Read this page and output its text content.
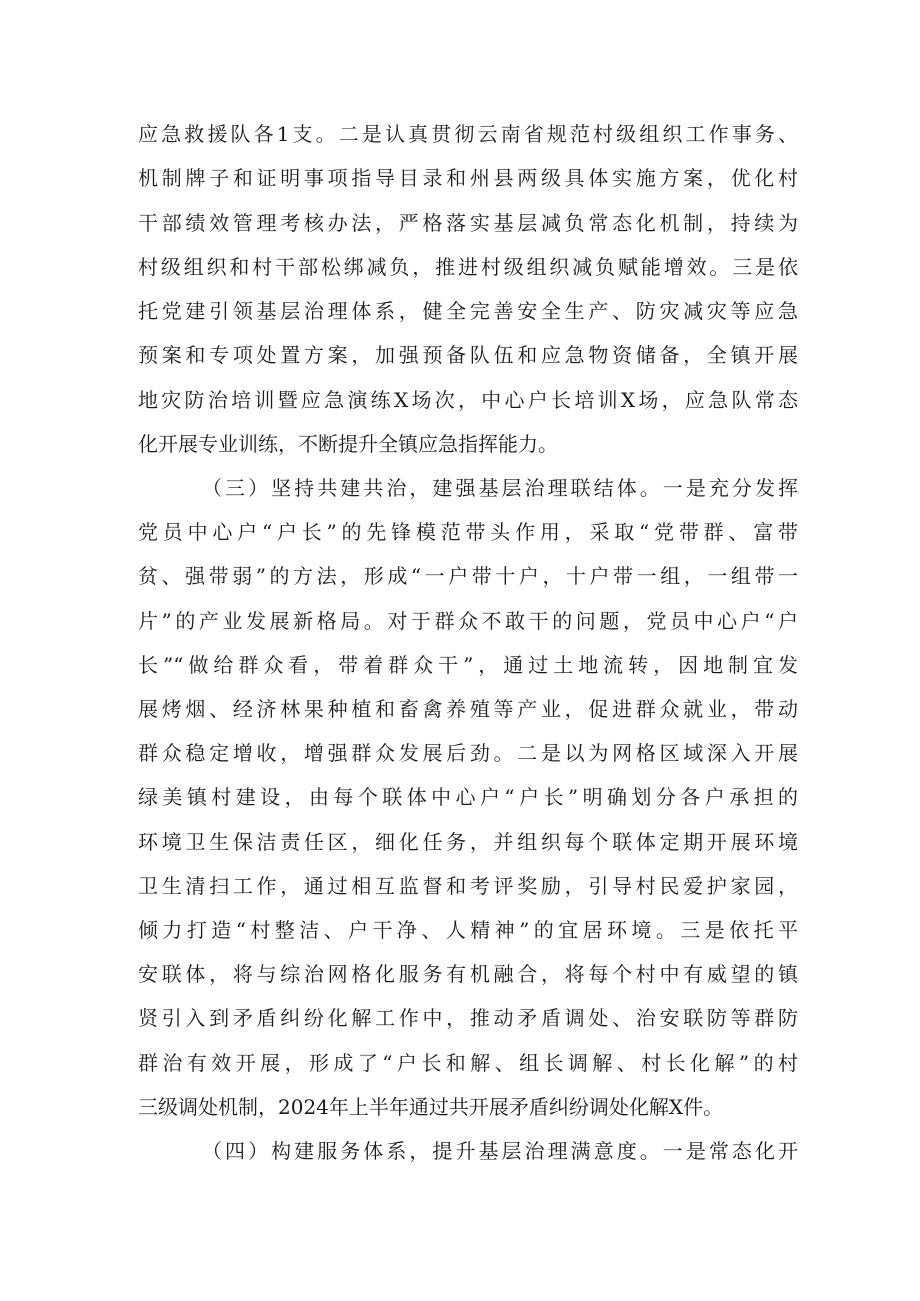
应急救援队各1支。二是认真贯彻云南省规范村级组织工作事务、

机制牌子和证明事项指导目录和州县两级具体实施方案，优化村

干部绩效管理考核办法，严格落实基层减负常态化机制，持续为

村级组织和村干部松绑减负，推进村级组织减负赋能增效。三是依

托党建引领基层治理体系，健全完善安全生产、防灾减灾等应急

预案和专项处置方案，加强预备队伍和应急物资储备，全镇开展

地灾防治培训暨应急演练X场次，中心户长培训X场，应急队常态

化开展专业训练，不断提升全镇应急指挥能力。

（三）坚持共建共治，建强基层治理联结体。一是充分发挥

党员中心户“户长”的先锋模范带头作用，采取“党带群、富带

贫、强带弱”的方法，形成“一户带十户，十户带一组，一组带一

片”的产业发展新格局。对于群众不敢干的问题，党员中心户“户

长”“做给群众看，带着群众干”，通过土地流转，因地制宜发

展烤烟、经济林果种植和畜禽养殖等产业，促进群众就业，带动

群众稳定增收，增强群众发展后劲。二是以为网格区域深入开展

绿美镇村建设，由每个联体中心户“户长”明确划分各户承担的

环境卫生保洁责任区，细化任务，并组织每个联体定期开展环境

卫生清扫工作，通过相互监督和考评奖励，引导村民爱护家园，

倾力打造“村整洁、户干净、人精神”的宜居环境。三是依托平

安联体，将与综治网格化服务有机融合，将每个村中有威望的镇

贤引入到矛盾纠纷化解工作中，推动矛盾调处、治安联防等群防

群治有效开展，形成了“户长和解、组长调解、村长化解”的村

三级调处机制，2024年上半年通过共开展矛盾纠纷调处化解X件。

（四）构建服务体系，提升基层治理满意度。一是常态化开
